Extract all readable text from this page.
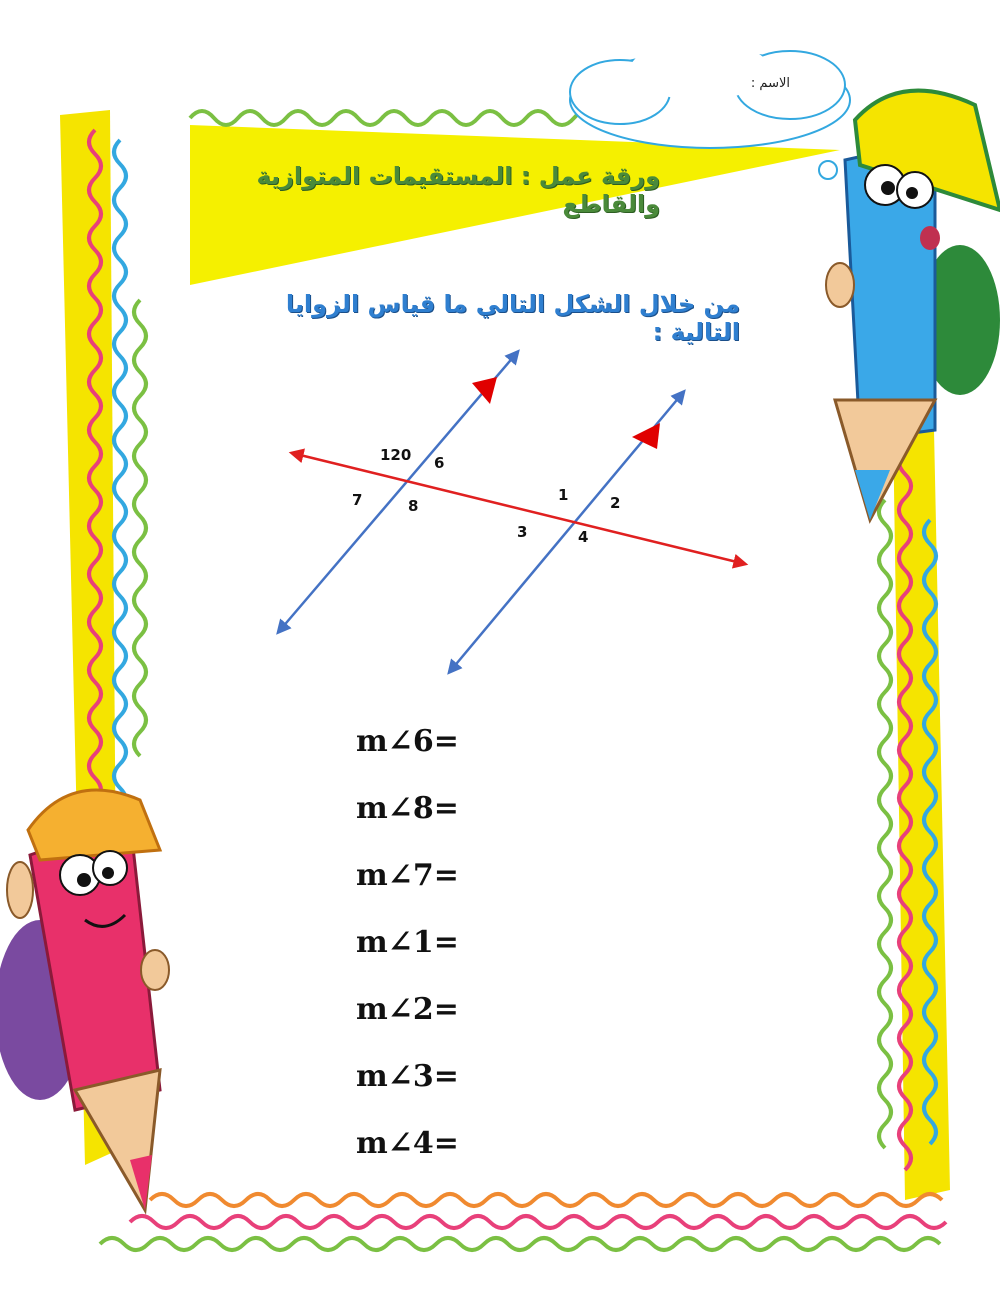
الاسم :
ورقة عمل : المستقيمات المتوازية والقاطع
من خلال الشكل التالي ما قياس الزوايا التالية :
120 6
7	8
1	2
3	4
m∠6=
m∠8=
m∠7=
m∠1=
m∠2=
m∠3=
m∠4=
